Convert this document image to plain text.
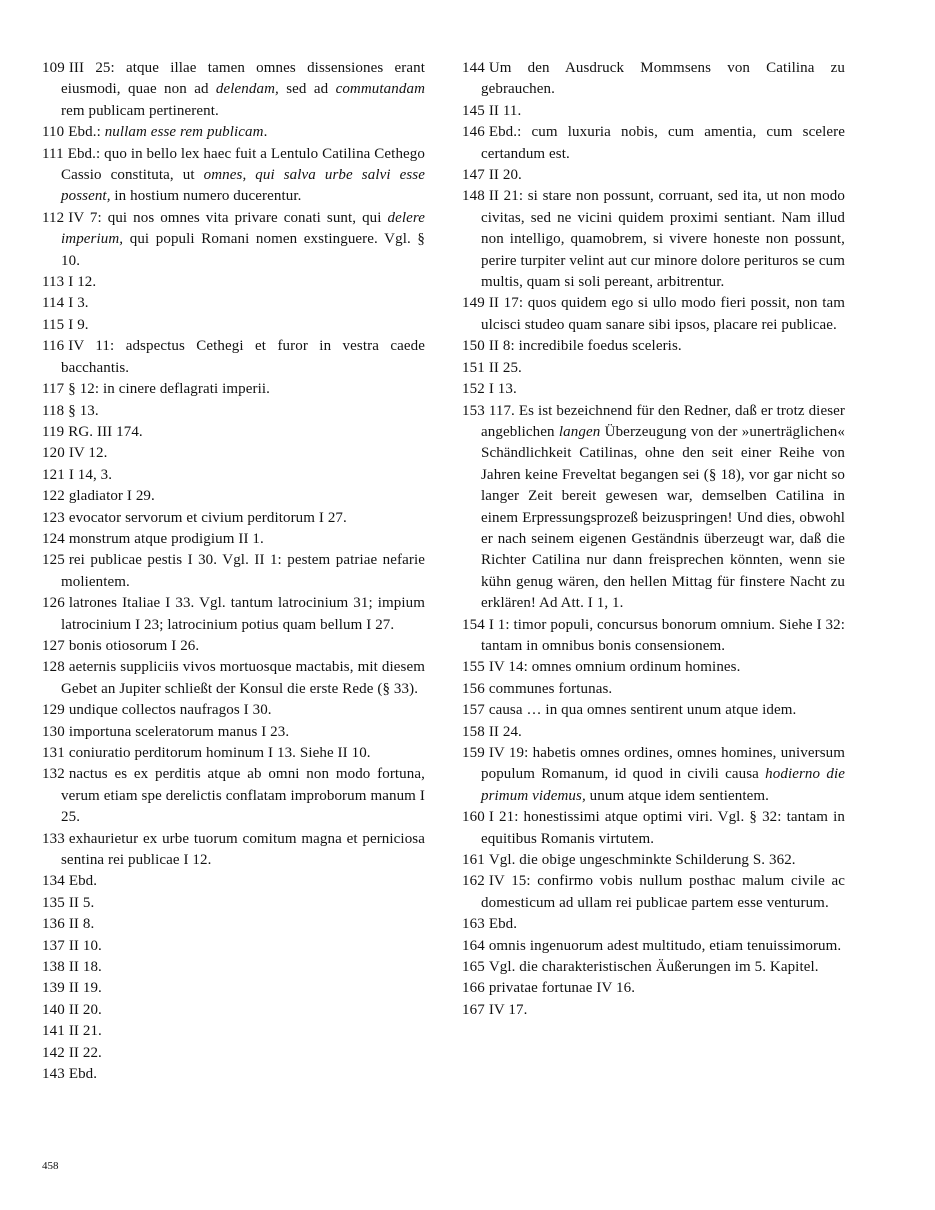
109 III 25: atque illae tamen omnes dissensiones erant eiusmodi, quae non ad delendam, sed ad commutandam rem publicam pertinerent.
110 Ebd.: nullam esse rem publicam.
111 Ebd.: quo in bello lex haec fuit a Lentulo Catilina Cethego Cassio constituta, ut omnes, qui salva urbe salvi esse possent, in hostium numero ducerentur.
112 IV 7: qui nos omnes vita privare conati sunt, qui delere imperium, qui populi Romani nomen exstinguere. Vgl. § 10.
113 I 12.
114 I 3.
115 I 9.
116 IV 11: adspectus Cethegi et furor in vestra caede bacchantis.
117 § 12: in cinere deflagrati imperii.
118 § 13.
119 RG. III 174.
120 IV 12.
121 I 14, 3.
122 gladiator I 29.
123 evocator servorum et civium perditorum I 27.
124 monstrum atque prodigium II 1.
125 rei publicae pestis I 30. Vgl. II 1: pestem patriae nefarie molientem.
126 latrones Italiae I 33. Vgl. tantum latrocinium 31; impium latrocinium I 23; latrocinium potius quam bellum I 27.
127 bonis otiosorum I 26.
128 aeternis suppliciis vivos mortuosque mactabis, mit diesem Gebet an Jupiter schließt der Konsul die erste Rede (§ 33).
129 undique collectos naufragos I 30.
130 importuna sceleratorum manus I 23.
131 coniuratio perditorum hominum I 13. Siehe II 10.
132 nactus es ex perditis atque ab omni non modo fortuna, verum etiam spe derelictis conflatam improborum manum I 25.
133 exhaurietur ex urbe tuorum comitum magna et perniciosa sentina rei publicae I 12.
134 Ebd.
135 II 5.
136 II 8.
137 II 10.
138 II 18.
139 II 19.
140 II 20.
141 II 21.
142 II 22.
143 Ebd.
144 Um den Ausdruck Mommsens von Catilina zu gebrauchen.
145 II 11.
146 Ebd.: cum luxuria nobis, cum amentia, cum scelere certandum est.
147 II 20.
148 II 21: si stare non possunt, corruant, sed ita, ut non modo civitas, sed ne vicini quidem proximi sentiant. Nam illud non intelligo, quamobrem, si vivere honeste non possunt, perire turpiter velint aut cur minore dolore perituros se cum multis, quam si soli pereant, arbitrentur.
149 II 17: quos quidem ego si ullo modo fieri possit, non tam ulcisci studeo quam sanare sibi ipsos, placare rei publicae.
150 II 8: incredibile foedus sceleris.
151 II 25.
152 I 13.
153 117. Es ist bezeichnend für den Redner, daß er trotz dieser angeblichen langen Überzeugung von der »unerträglichen« Schändlichkeit Catilinas, ohne den seit einer Reihe von Jahren keine Freveltat begangen sei (§ 18), vor gar nicht so langer Zeit bereit gewesen war, demselben Catilina in einem Erpressungsprozeß beizuspringen! Und dies, obwohl er nach seinem eigenen Geständnis überzeugt war, daß die Richter Catilina nur dann freisprechen könnten, wenn sie kühn genug wären, den hellen Mittag für finstere Nacht zu erklären! Ad Att. I 1, 1.
154 I 1: timor populi, concursus bonorum omnium. Siehe I 32: tantam in omnibus bonis consensionem.
155 IV 14: omnes omnium ordinum homines.
156 communes fortunas.
157 causa … in qua omnes sentirent unum atque idem.
158 II 24.
159 IV 19: habetis omnes ordines, omnes homines, universum populum Romanum, id quod in civili causa hodierno die primum videmus, unum atque idem sentientem.
160 I 21: honestissimi atque optimi viri. Vgl. § 32: tantam in equitibus Romanis virtutem.
161 Vgl. die obige ungeschminkte Schilderung S. 362.
162 IV 15: confirmo vobis nullum posthac malum civile ac domesticum ad ullam rei publicae partem esse venturum.
163 Ebd.
164 omnis ingenuorum adest multitudo, etiam tenuissimorum.
165 Vgl. die charakteristischen Äußerungen im 5. Kapitel.
166 privatae fortunae IV 16.
167 IV 17.
458
